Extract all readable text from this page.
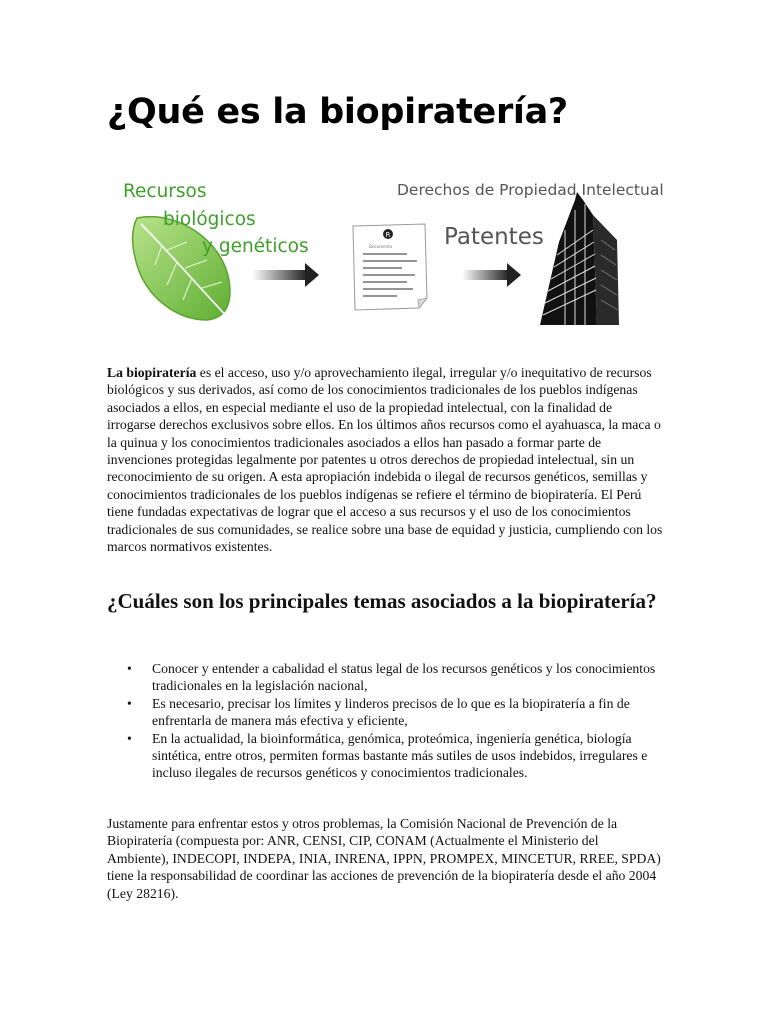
¿Qué es la biopiratería?
R
Recursos
biológicos
y genéticos	Documento
Derechos de Propiedad Intelectual
Patentes

La biopiratería es el acceso, uso y/o aprovechamiento ilegal, irregular y/o inequitativo de recursos biológicos y sus derivados, así como de los conocimientos tradicionales de los pueblos indígenas asociados a ellos, en especial mediante el uso de la propiedad intelectual, con la finalidad de irrogarse derechos exclusivos sobre ellos. En los últimos años recursos como el ayahuasca, la maca o la quinua y los conocimientos tradicionales asociados a ellos han pasado a formar parte de invenciones protegidas legalmente por patentes u otros derechos de propiedad intelectual, sin un reconocimiento de su origen. A esta apropiación indebida o ilegal de recursos genéticos, semillas y conocimientos tradicionales de los pueblos indígenas se refiere el término de biopiratería. El Perú tiene fundadas expectativas de lograr que el acceso a sus recursos y el uso de los conocimientos tradicionales de sus comunidades, se realice sobre una base de equidad y justicia, cumpliendo con los marcos normativos existentes.

¿Cuáles son los principales temas asociados a la biopiratería?
• Conocer y entender a cabalidad el status legal de los recursos genéticos y los conocimientos tradicionales en la legislación nacional,
• Es necesario, precisar los límites y linderos precisos de lo que es la biopiratería a fin de enfrentarla de manera más efectiva y eficiente,
• En la actualidad, la bioinformática, genómica, proteómica, ingeniería genética, biología sintética, entre otros, permiten formas bastante más sutiles de usos indebidos, irregulares e incluso ilegales de recursos genéticos y conocimientos tradicionales.

Justamente para enfrentar estos y otros problemas, la Comisión Nacional de Prevención de la Biopiratería (compuesta por: ANR, CENSI, CIP, CONAM (Actualmente el Ministerio del Ambiente), INDECOPI, INDEPA, INIA, INRENA, IPPN, PROMPEX, MINCETUR, RREE, SPDA) tiene la responsabilidad de coordinar las acciones de prevención de la biopiratería desde el año 2004 (Ley 28216).
